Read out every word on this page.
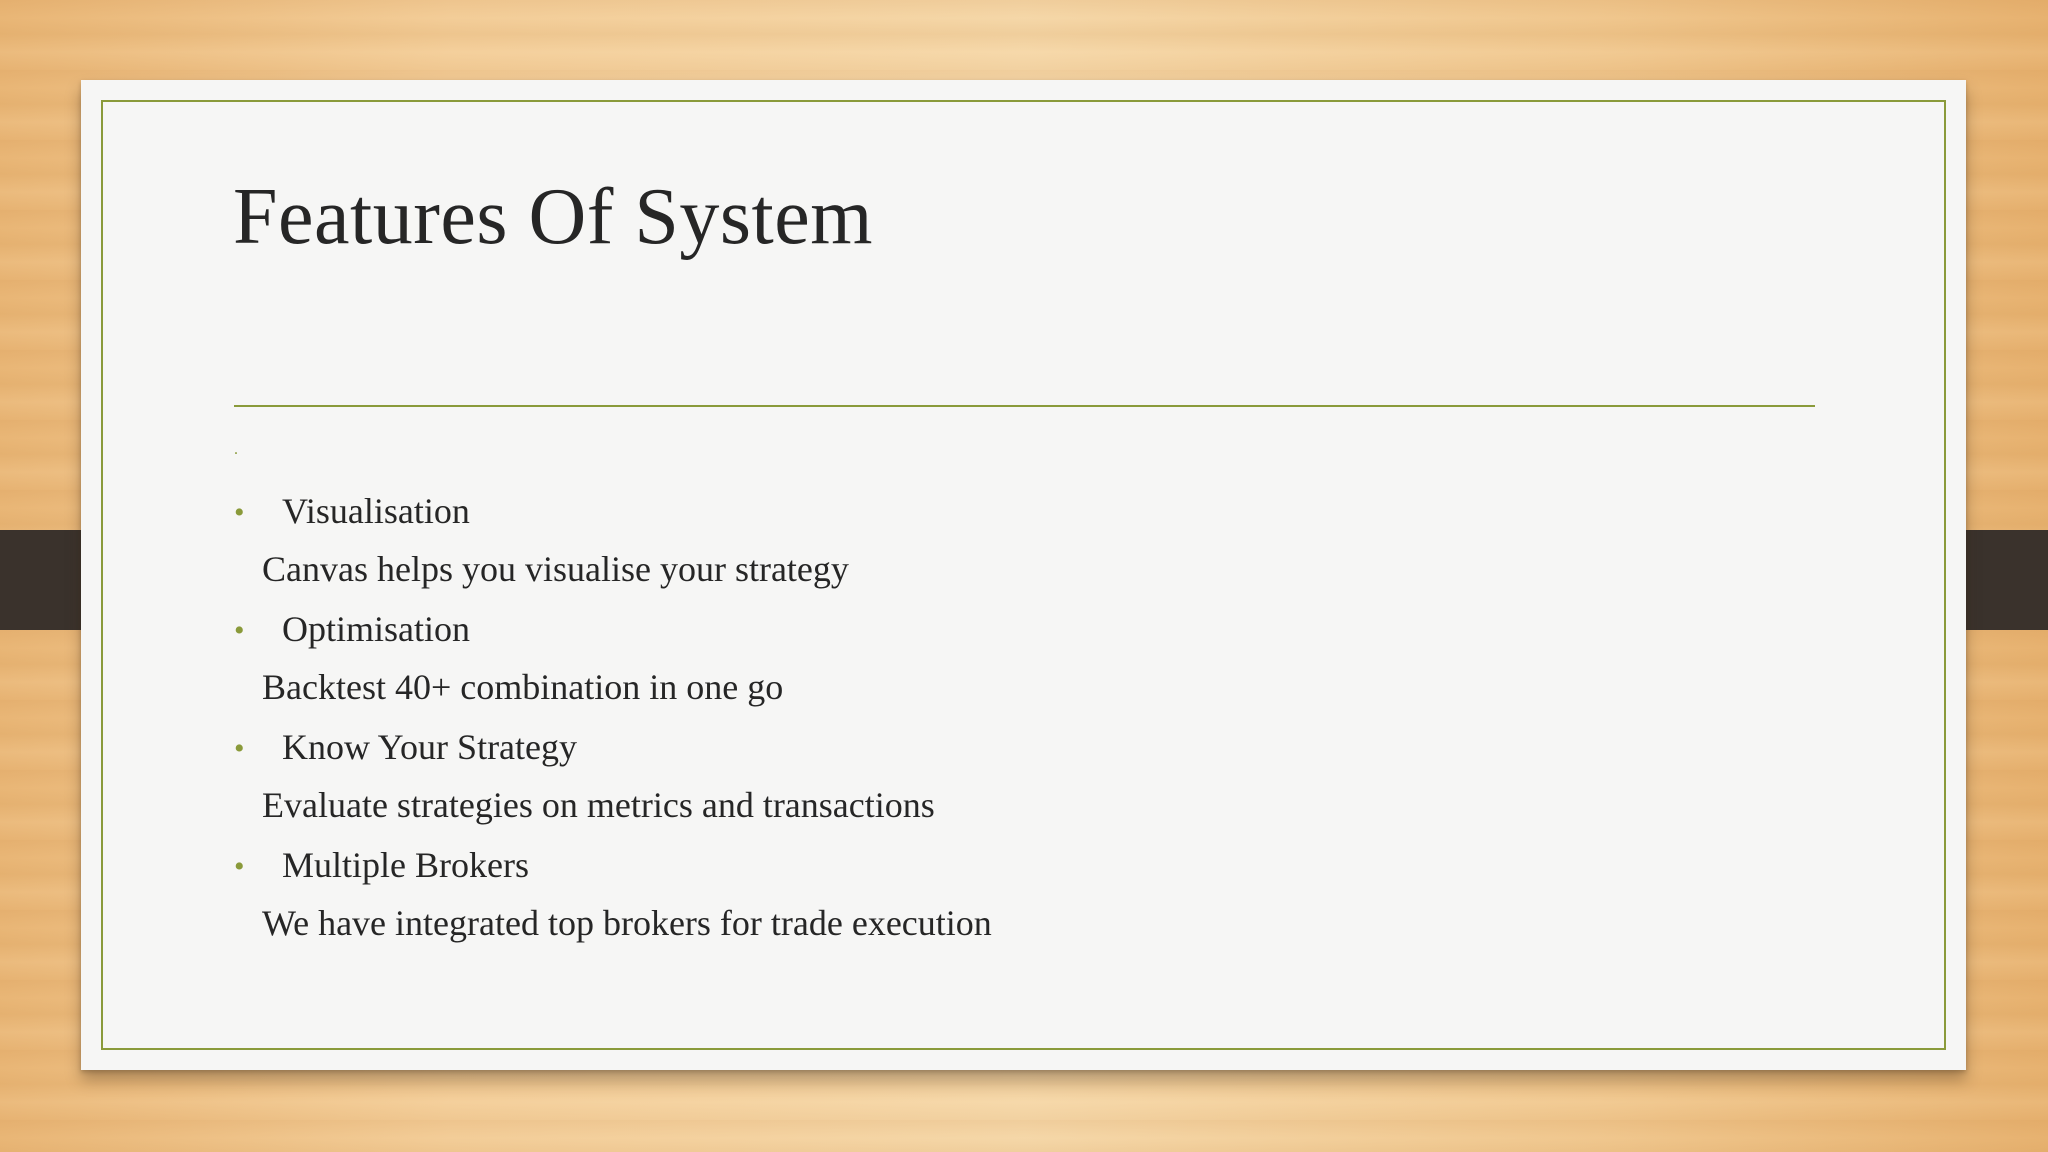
Features Of System
.
• Visualisation
Canvas helps you visualise your strategy
• Optimisation
Backtest 40+ combination in one go
• Know Your Strategy
Evaluate strategies on metrics and transactions
• Multiple Brokers
We have integrated top brokers for trade execution
